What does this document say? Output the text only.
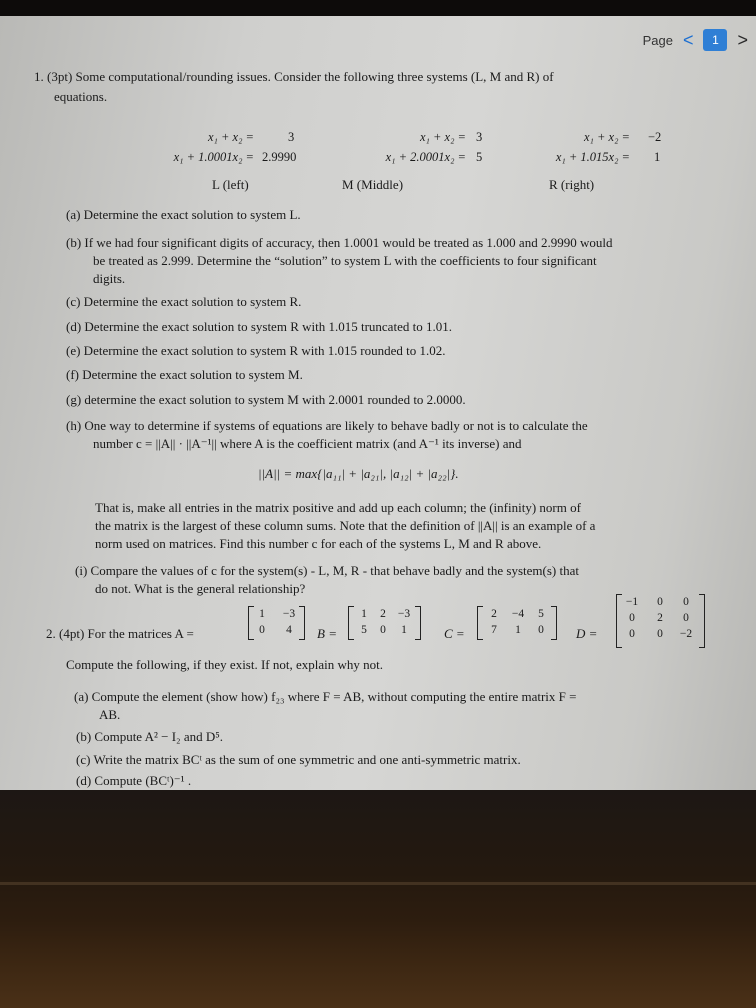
Page <	1	>
1. (3pt) Some computational/rounding issues. Consider the following three systems (L, M and R) of
equations.
x₁ + x₂ =	3
x₁ + 1.0001x₂ = 2.9990
L (left)
x₁ + x₂ = 3
x₁ + 2.0001x₂ = 5
M (Middle)
x₁ + x₂ = −2
x₁ + 1.015x₂ = 1
R (right)
(a) Determine the exact solution to system L.
(b) If we had four significant digits of accuracy, then 1.0001 would be treated as 1.000 and 2.9990 would
be treated as 2.999. Determine the “solution” to system L with the coefficients to four significant
digits.
(c) Determine the exact solution to system R.
(d) Determine the exact solution to system R with 1.015 truncated to 1.01.
(e) Determine the exact solution to system R with 1.015 rounded to 1.02.
(f) Determine the exact solution to system M.
(g) determine the exact solution to system M with 2.0001 rounded to 2.0000.
(h) One way to determine if systems of equations are likely to behave badly or not is to calculate the
number c = ||A|| · ||A⁻¹|| where A is the coefficient matrix (and A⁻¹ its inverse) and
||A|| = max{|a₁₁| + |a₂₁|, |a₁₂| + |a₂₂|}.
That is, make all entries in the matrix positive and add up each column; the (infinity) norm of
the matrix is the largest of these column sums. Note that the definition of ||A|| is an example of a
norm used on matrices. Find this number c for each of the systems L, M and R above.
(i) Compare the values of c for the system(s) - L, M, R - that behave badly and the system(s) that
do not. What is the general relationship?
2. (4pt) For the matrices A =
1	−3
0	4	B =
1	2	−3
5	0	1	C =
2	−4	5
7	1	0	D =
−1	0	0
0	2	0
0	0	−2
Compute the following, if they exist. If not, explain why not.
(a) Compute the element (show how) f₂₃ where F = AB, without computing the entire matrix F =
AB.
(b) Compute A² − I₂ and D⁵.
(c) Write the matrix BCᵗ as the sum of one symmetric and one anti-symmetric matrix.
(d) Compute (BCᵗ)⁻¹ .
